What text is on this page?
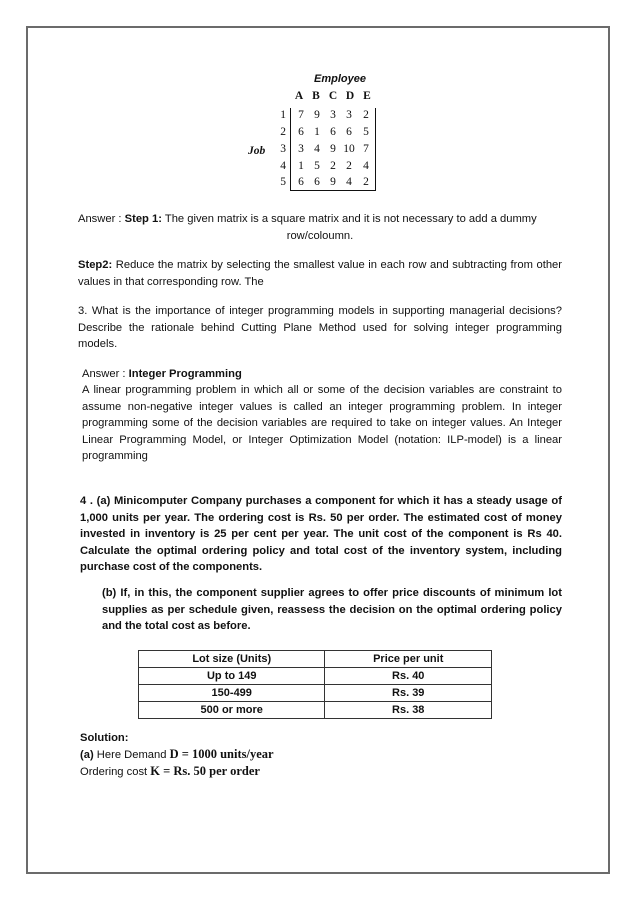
Employee
A B C D E
Job
1	7 9 3 3 2
2	6 1 6 6 5
3	3 4 9 10 7
4	1 5 2 2 4
5	6 6 9 4 2
Answer : Step 1: The given matrix is a square matrix and it is not necessary to add a dummy
row/coloumn.
Step2: Reduce the matrix by selecting the smallest value in each row and subtracting from other values in that corresponding row. The
3. What is the importance of integer programming models in supporting managerial decisions? Describe the rationale behind Cutting Plane Method used for solving integer programming models.
Answer : Integer Programming
A linear programming problem in which all or some of the decision variables are constraint to assume non-negative integer values is called an integer programming problem. In integer programming some of the decision variables are required to take on integer values. An Integer Linear Programming Model, or Integer Optimization Model (notation: ILP-model) is a linear programming
4 . (a) Minicomputer Company purchases a component for which it has a steady usage of 1,000 units per year. The ordering cost is Rs. 50 per order. The estimated cost of money invested in inventory is 25 per cent per year. The unit cost of the component is Rs 40. Calculate the optimal ordering policy and total cost of the inventory system, including purchase cost of the components.
(b) If, in this, the component supplier agrees to offer price discounts of minimum lot supplies as per schedule given, reassess the decision on the optimal ordering policy and the total cost as before.
Lot size (Units)	Price per unit
Up to 149	Rs. 40
150-499	Rs. 39
500 or more	Rs. 38
Solution:
(a) Here Demand D = 1000 units/year
Ordering cost K = Rs. 50 per order
